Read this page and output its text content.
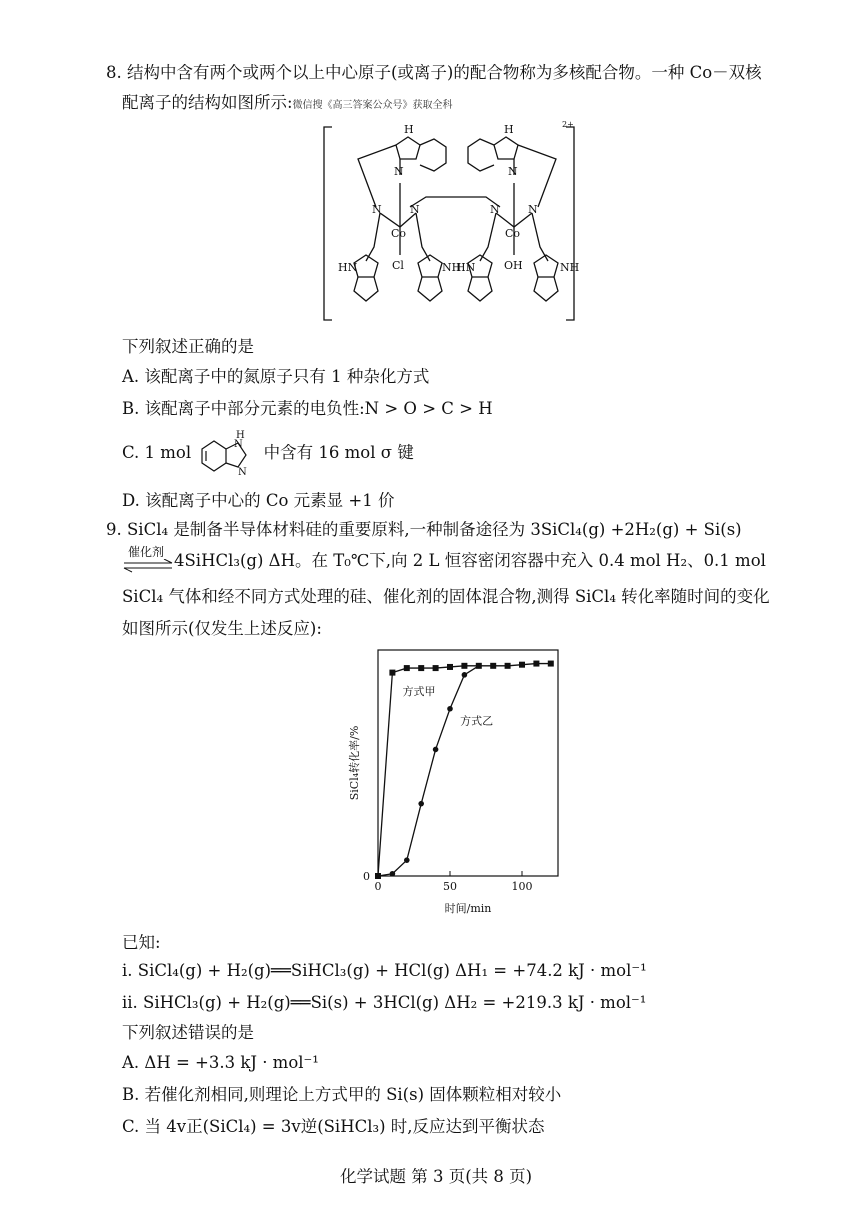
8. 结构中含有两个或两个以上中心原子(或离子)的配合物称为多核配合物。一种 Co－双核
配离子的结构如图所示:微信搜《高三答案公众号》获取全科
2+
H	H
N	N
N	N	N	N
Co	Co
Cl	OH
HN	NH
HN	NH
下列叙述正确的是
A. 该配离子中的氮原子只有 1 种杂化方式
B. 该配离子中部分元素的电负性:N > O > C > H
C. 1 mol
H
N
N
中含有 16 mol σ 键
D. 该配离子中心的 Co 元素显 +1 价
9. SiCl₄ 是制备半导体材料硅的重要原料,一种制备途径为 3SiCl₄(g) +2H₂(g) + Si(s)
催化剂 4SiHCl₃(g) ΔH。在 T₀℃下,向 2 L 恒容密闭容器中充入 0.4 mol H₂、0.1 mol
SiCl₄ 气体和经不同方式处理的硅、催化剂的固体混合物,测得 SiCl₄ 转化率随时间的变化
如图所示(仅发生上述反应):
0	50	100
0
时间/min
SiCl₄转化率/%
方式甲
方式乙
已知:
ⅰ. SiCl₄(g) + H₂(g)══SiHCl₃(g) + HCl(g) ΔH₁ = +74.2 kJ · mol⁻¹
ⅱ. SiHCl₃(g) + H₂(g)══Si(s) + 3HCl(g) ΔH₂ = +219.3 kJ · mol⁻¹
下列叙述错误的是
A. ΔH = +3.3 kJ · mol⁻¹
B. 若催化剂相同,则理论上方式甲的 Si(s) 固体颗粒相对较小
C. 当 4v正(SiCl₄) = 3v逆(SiHCl₃) 时,反应达到平衡状态
化学试题 第 3 页(共 8 页)
